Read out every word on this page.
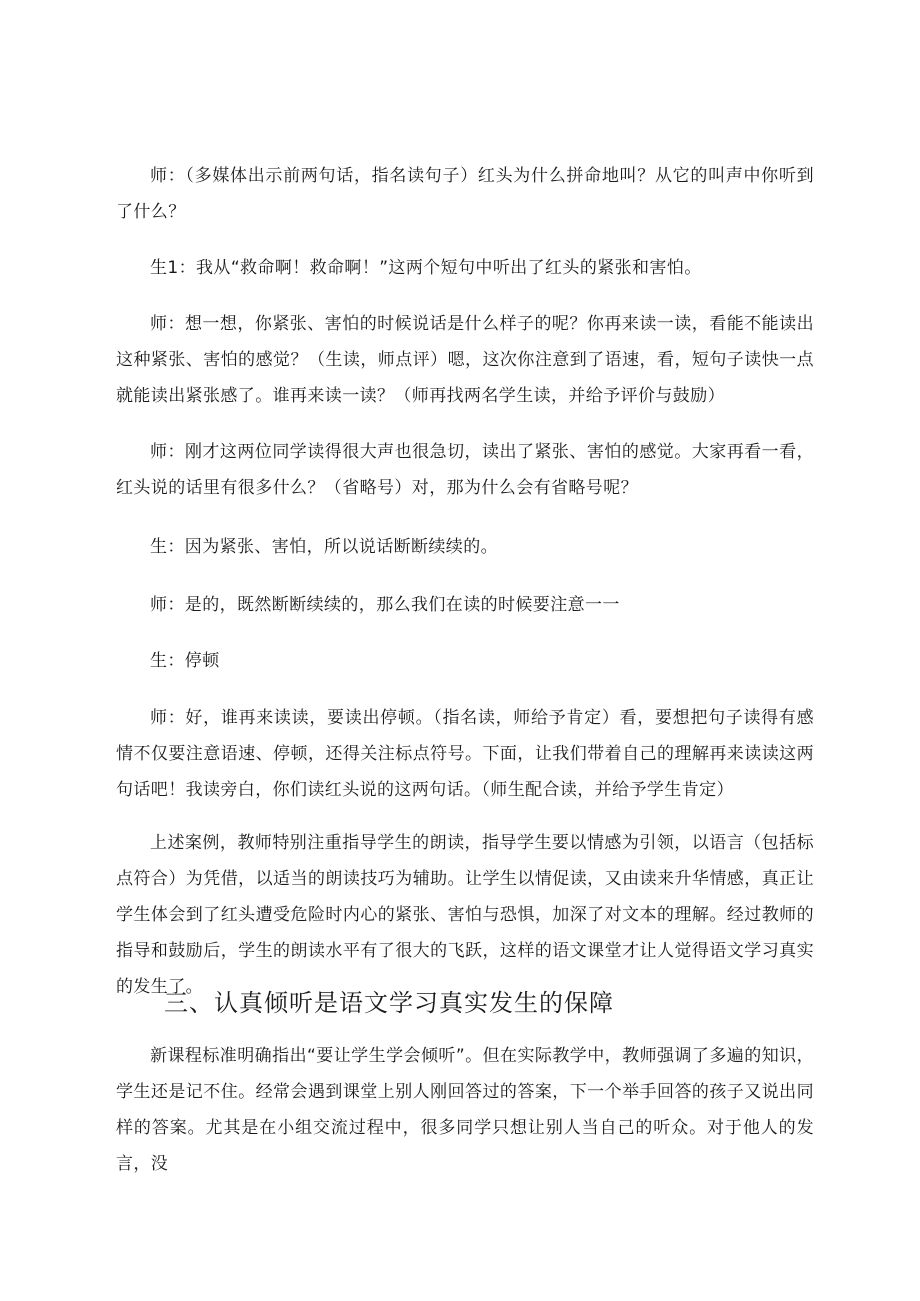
师：（多媒体出示前两句话，指名读句子）红头为什么拼命地叫？从它的叫声中你听到了什么？

生1：我从“救命啊！救命啊！”这两个短句中听出了红头的紧张和害怕。

师：想一想，你紧张、害怕的时候说话是什么样子的呢？你再来读一读，看能不能读出这种紧张、害怕的感觉？（生读，师点评）嗯，这次你注意到了语速，看，短句子读快一点就能读出紧张感了。谁再来读一读？（师再找两名学生读，并给予评价与鼓励）

师：刚才这两位同学读得很大声也很急切，读出了紧张、害怕的感觉。大家再看一看，红头说的话里有很多什么？（省略号）对，那为什么会有省略号呢？

生：因为紧张、害怕，所以说话断断续续的。

师：是的，既然断断续续的，那么我们在读的时候要注意一一

生：停顿

师：好，谁再来读读，要读出停顿。（指名读，师给予肯定）看，要想把句子读得有感情不仅要注意语速、停顿，还得关注标点符号。下面，让我们带着自己的理解再来读读这两句话吧！我读旁白，你们读红头说的这两句话。（师生配合读，并给予学生肯定）

上述案例，教师特别注重指导学生的朗读，指导学生要以情感为引领，以语言（包括标点符合）为凭借，以适当的朗读技巧为辅助。让学生以情促读，又由读来升华情感，真正让学生体会到了红头遭受危险时内心的紧张、害怕与恐惧，加深了对文本的理解。经过教师的指导和鼓励后，学生的朗读水平有了很大的飞跃，这样的语文课堂才让人觉得语文学习真实的发生了。

三、认真倾听是语文学习真实发生的保障

新课程标准明确指出“要让学生学会倾听”。但在实际教学中，教师强调了多遍的知识，学生还是记不住。经常会遇到课堂上别人刚回答过的答案，下一个举手回答的孩子又说出同样的答案。尤其是在小组交流过程中，很多同学只想让别人当自己的听众。对于他人的发言，没
